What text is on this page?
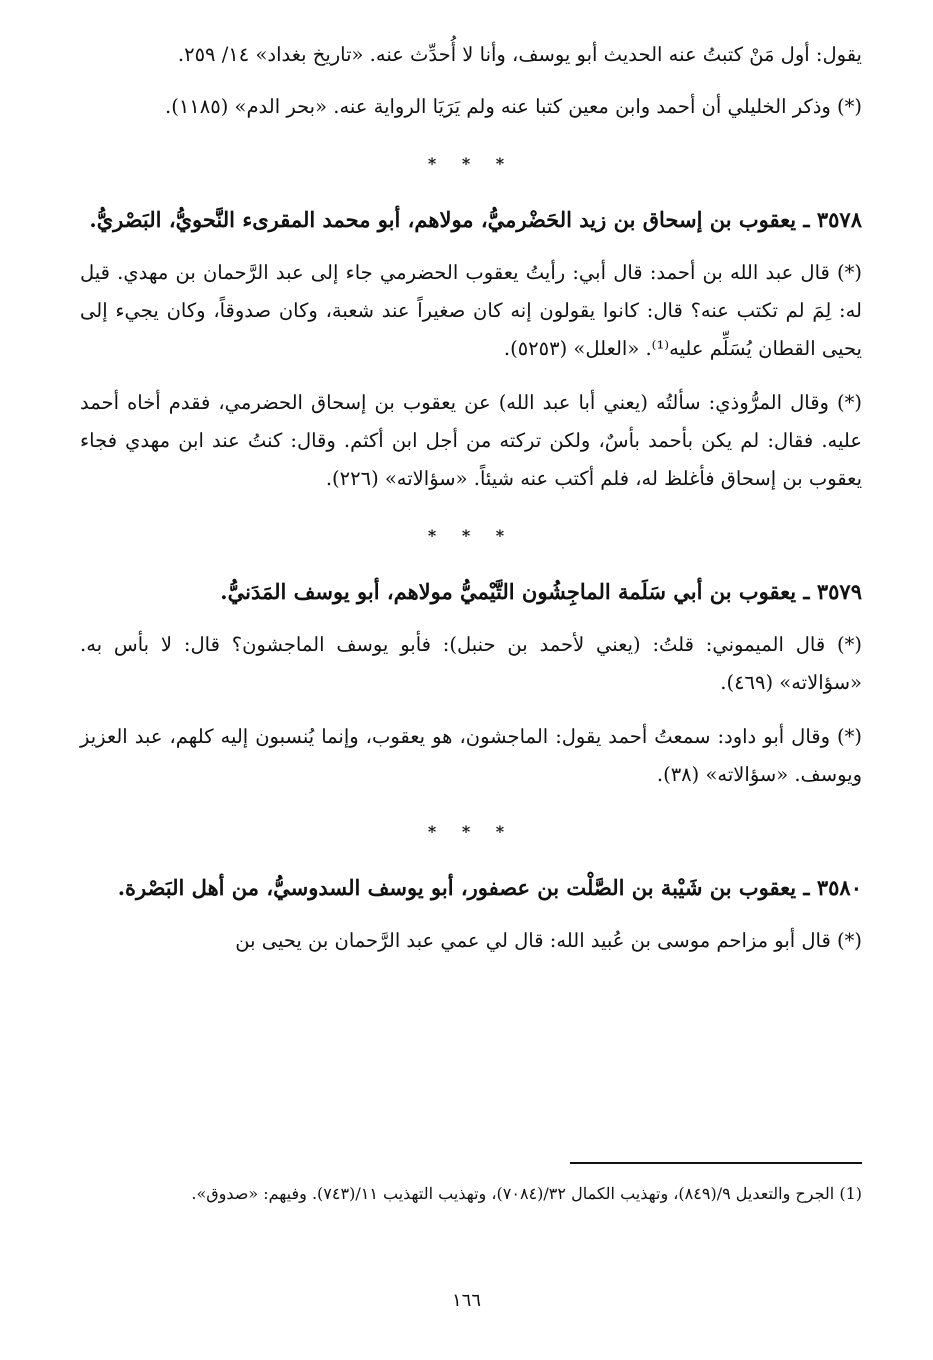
يقول: أول مَنْ كتبتُ عنه الحديث أبو يوسف، وأنا لا أُحدِّث عنه. «تاريخ بغداد» ١٤/ ٢٥٩.

(*) وذكر الخليلي أن أحمد وابن معين كتبا عنه ولم يَرَيَا الرواية عنه. «بحر الدم» (١١٨٥).

* * *
٣٥٧٨ ـ يعقوب بن إسحاق بن زيد الحَضْرميُّ، مولاهم، أبو محمد المقرىء النَّحويُّ، البَصْريُّ.

(*) قال عبد الله بن أحمد: قال أبي: رأيتُ يعقوب الحضرمي جاء إلى عبد الرَّحمان بن مهدي. قيل له: لِمَ لم تكتب عنه؟ قال: كانوا يقولون إنه كان صغيراً عند شعبة، وكان صدوقاً، وكان يجيء إلى يحيى القطان يُسَلِّم عليه⁽¹⁾. «العلل» (٥٢٥٣).

(*) وقال المرُّوذي: سألتُه (يعني أبا عبد الله) عن يعقوب بن إسحاق الحضرمي، فقدم أخاه أحمد عليه. فقال: لم يكن بأحمد بأسٌ، ولكن تركته من أجل ابن أكثم. وقال: كنتُ عند ابن مهدي فجاء يعقوب بن إسحاق فأغلظ له، فلم أكتب عنه شيئاً. «سؤالاته» (٢٢٦).

* * *
٣٥٧٩ ـ يعقوب بن أبي سَلَمة الماجِشُون التَّيْميُّ مولاهم، أبو يوسف المَدَنيُّ.

(*) قال الميموني: قلتُ: (يعني لأحمد بن حنبل): فأبو يوسف الماجشون؟ قال: لا بأس به. «سؤالاته» (٤٦٩).

(*) وقال أبو داود: سمعتُ أحمد يقول: الماجشون، هو يعقوب، وإنما يُنسبون إليه كلهم، عبد العزيز ويوسف. «سؤالاته» (٣٨).

* * *
٣٥٨٠ ـ يعقوب بن شَيْبة بن الصَّلْت بن عصفور، أبو يوسف السدوسيُّ، من أهل البَصْرة.

(*) قال أبو مزاحم موسى بن عُبيد الله: قال لي عمي عبد الرَّحمان بن يحيى بن

(1) الجرح والتعديل ٩/(٨٤٩)، وتهذيب الكمال ٣٢/(٧٠٨٤)، وتهذيب التهذيب ١١/(٧٤٣). وفيهم: «صدوق».
١٦٦
